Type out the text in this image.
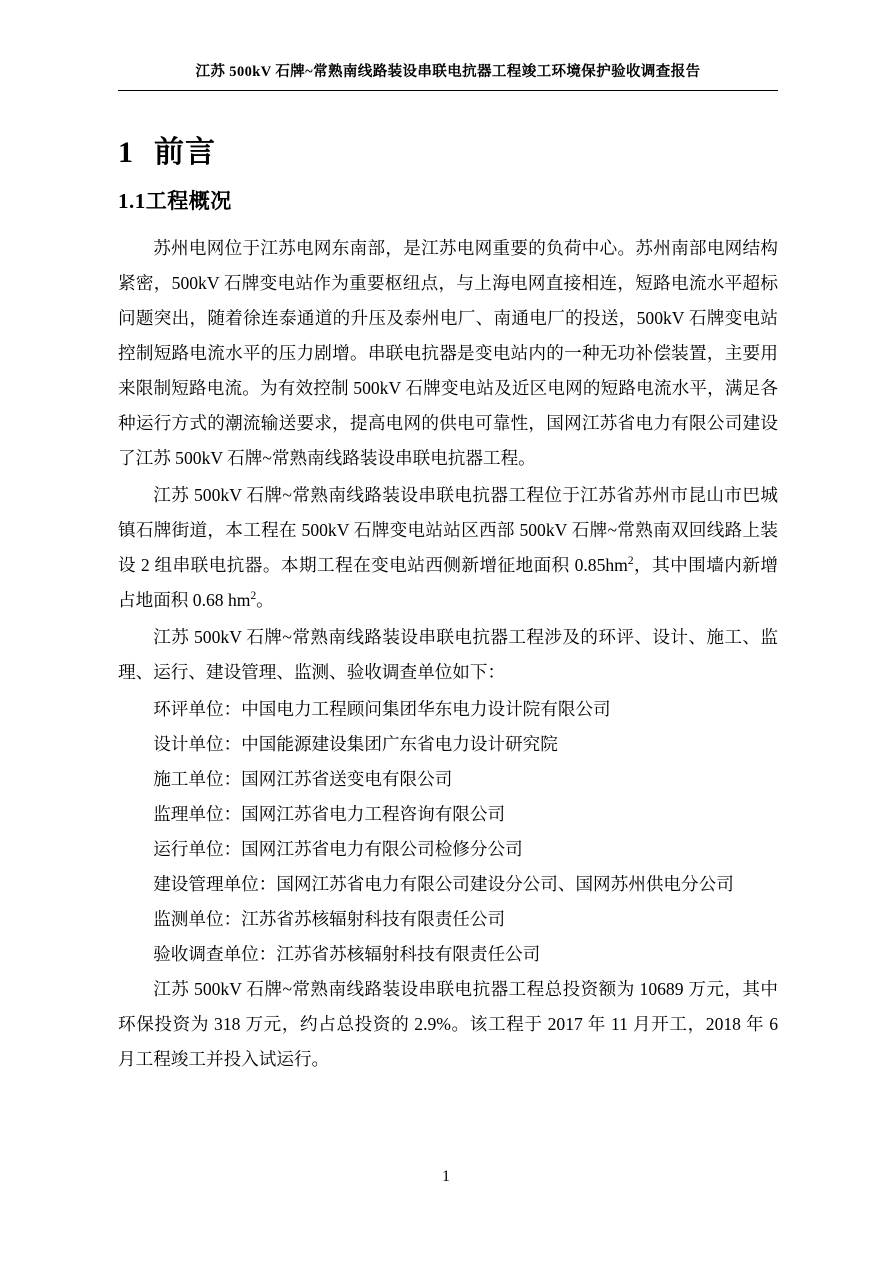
江苏 500kV 石牌~常熟南线路装设串联电抗器工程竣工环境保护验收调查报告
1 前言
1.1工程概况

苏州电网位于江苏电网东南部，是江苏电网重要的负荷中心。苏州南部电网结构紧密，500kV 石牌变电站作为重要枢纽点，与上海电网直接相连，短路电流水平超标问题突出，随着徐连泰通道的升压及泰州电厂、南通电厂的投送，500kV 石牌变电站控制短路电流水平的压力剧增。串联电抗器是变电站内的一种无功补偿装置，主要用来限制短路电流。为有效控制 500kV 石牌变电站及近区电网的短路电流水平，满足各种运行方式的潮流输送要求，提高电网的供电可靠性，国网江苏省电力有限公司建设了江苏 500kV 石牌~常熟南线路装设串联电抗器工程。

江苏 500kV 石牌~常熟南线路装设串联电抗器工程位于江苏省苏州市昆山市巴城镇石牌街道，本工程在 500kV 石牌变电站站区西部 500kV 石牌~常熟南双回线路上装设 2 组串联电抗器。本期工程在变电站西侧新增征地面积 $0.85hm^2$，其中围墙内新增占地面积 0.68 $hm^2$。

江苏 500kV 石牌~常熟南线路装设串联电抗器工程涉及的环评、设计、施工、监理、运行、建设管理、监测、验收调查单位如下：

环评单位：中国电力工程顾问集团华东电力设计院有限公司

设计单位：中国能源建设集团广东省电力设计研究院

施工单位：国网江苏省送变电有限公司

监理单位：国网江苏省电力工程咨询有限公司

运行单位：国网江苏省电力有限公司检修分公司

建设管理单位：国网江苏省电力有限公司建设分公司、国网苏州供电分公司

监测单位：江苏省苏核辐射科技有限责任公司

验收调查单位：江苏省苏核辐射科技有限责任公司

江苏 500kV 石牌~常熟南线路装设串联电抗器工程总投资额为 10689 万元，其中环保投资为 318 万元，约占总投资的 2.9%。该工程于 2017 年 11 月开工，2018 年 6 月工程竣工并投入试运行。

1
